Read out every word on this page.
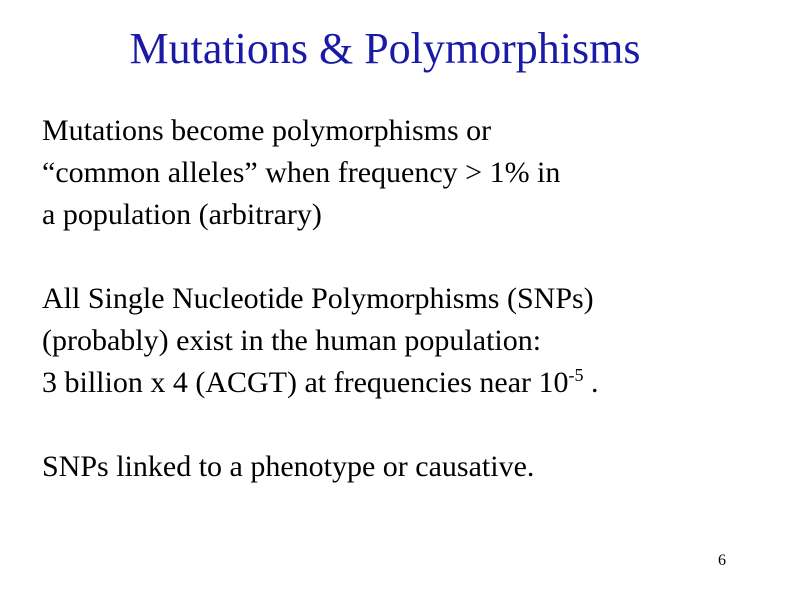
Mutations & Polymorphisms
Mutations become polymorphisms or
“common alleles” when frequency > 1% in
a population (arbitrary)
All Single Nucleotide Polymorphisms (SNPs)
(probably) exist in the human population:
3 billion x 4 (ACGT) at frequencies near $10^{-5}$ .
SNPs linked to a phenotype or causative.
6
